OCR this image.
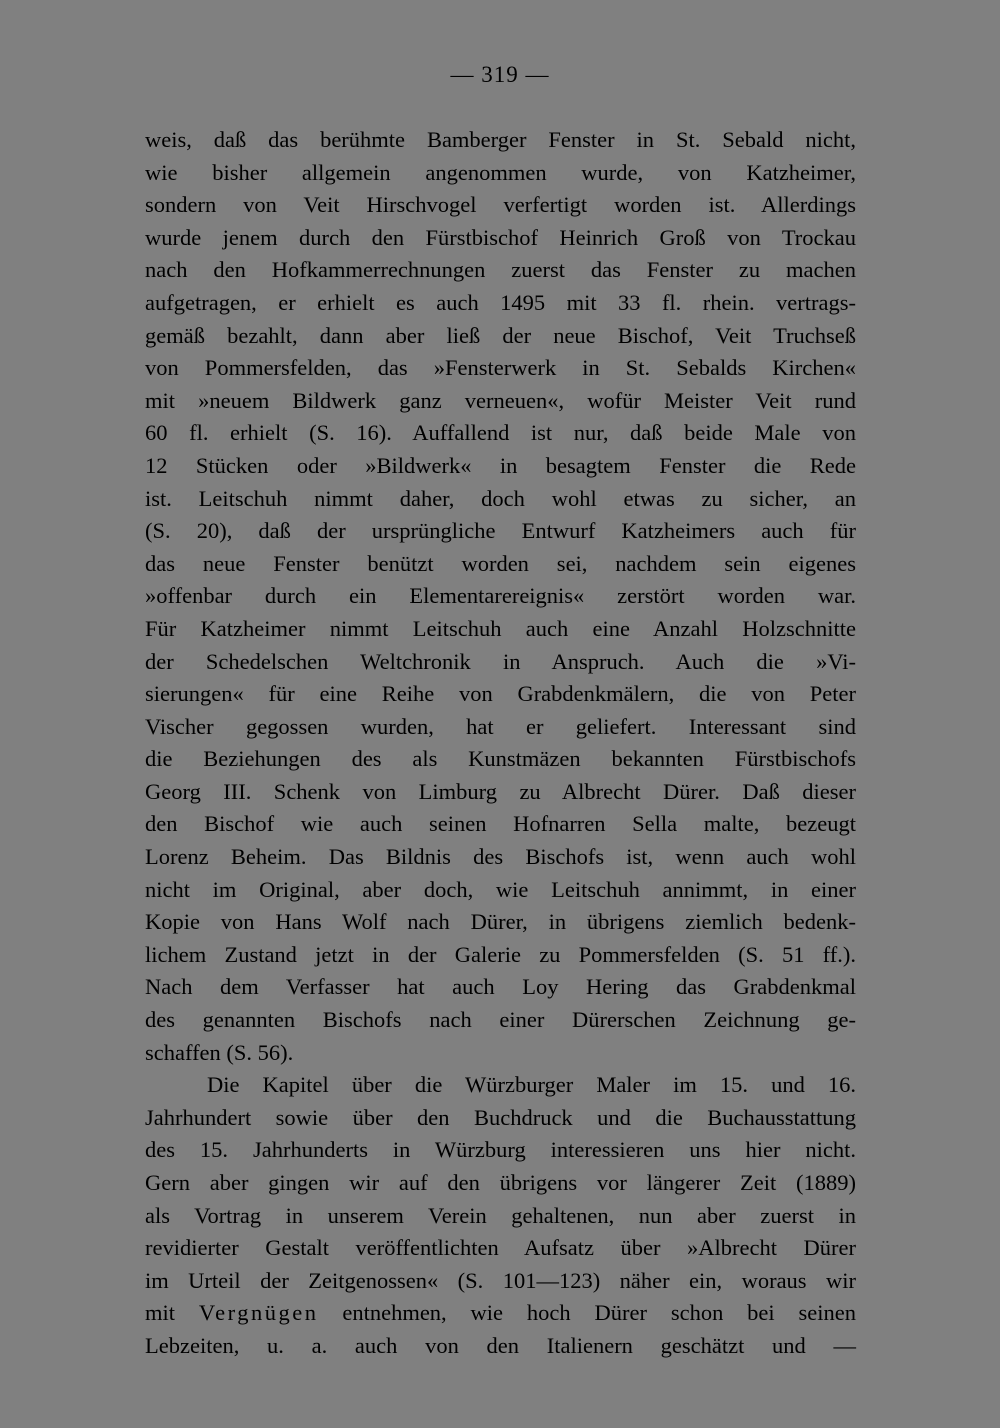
— 319 —
weis, daß das berühmte Bamberger Fenster in St. Sebald nicht,
wie bisher allgemein angenommen wurde, von Katzheimer,
sondern von Veit Hirschvogel verfertigt worden ist. Allerdings
wurde jenem durch den Fürstbischof Heinrich Groß von Trockau
nach den Hofkammerrechnungen zuerst das Fenster zu machen
aufgetragen, er erhielt es auch 1495 mit 33 fl. rhein. vertrags-
gemäß bezahlt, dann aber ließ der neue Bischof, Veit Truchseß
von Pommersfelden, das »Fensterwerk in St. Sebalds Kirchen«
mit »neuem Bildwerk ganz verneuen«, wofür Meister Veit rund
60 fl. erhielt (S. 16). Auffallend ist nur, daß beide Male von
12 Stücken oder »Bildwerk« in besagtem Fenster die Rede
ist. Leitschuh nimmt daher, doch wohl etwas zu sicher, an
(S. 20), daß der ursprüngliche Entwurf Katzheimers auch für
das neue Fenster benützt worden sei, nachdem sein eigenes
»offenbar durch ein Elementarereignis« zerstört worden war.
Für Katzheimer nimmt Leitschuh auch eine Anzahl Holzschnitte
der Schedelschen Weltchronik in Anspruch. Auch die »Vi-
sierungen« für eine Reihe von Grabdenkmälern, die von Peter
Vischer gegossen wurden, hat er geliefert. Interessant sind
die Beziehungen des als Kunstmäzen bekannten Fürstbischofs
Georg III. Schenk von Limburg zu Albrecht Dürer. Daß dieser
den Bischof wie auch seinen Hofnarren Sella malte, bezeugt
Lorenz Beheim. Das Bildnis des Bischofs ist, wenn auch wohl
nicht im Original, aber doch, wie Leitschuh annimmt, in einer
Kopie von Hans Wolf nach Dürer, in übrigens ziemlich bedenk-
lichem Zustand jetzt in der Galerie zu Pommersfelden (S. 51 ff.).
Nach dem Verfasser hat auch Loy Hering das Grabdenkmal
des genannten Bischofs nach einer Dürerschen Zeichnung ge-
schaffen (S. 56).
Die Kapitel über die Würzburger Maler im 15. und 16.
Jahrhundert sowie über den Buchdruck und die Buchausstattung
des 15. Jahrhunderts in Würzburg interessieren uns hier nicht.
Gern aber gingen wir auf den übrigens vor längerer Zeit (1889)
als Vortrag in unserem Verein gehaltenen, nun aber zuerst in
revidierter Gestalt veröffentlichten Aufsatz über »Albrecht Dürer
im Urteil der Zeitgenossen« (S. 101—123) näher ein, woraus wir
mit Vergnügen entnehmen, wie hoch Dürer schon bei seinen
Lebzeiten, u. a. auch von den Italienern geschätzt und —
